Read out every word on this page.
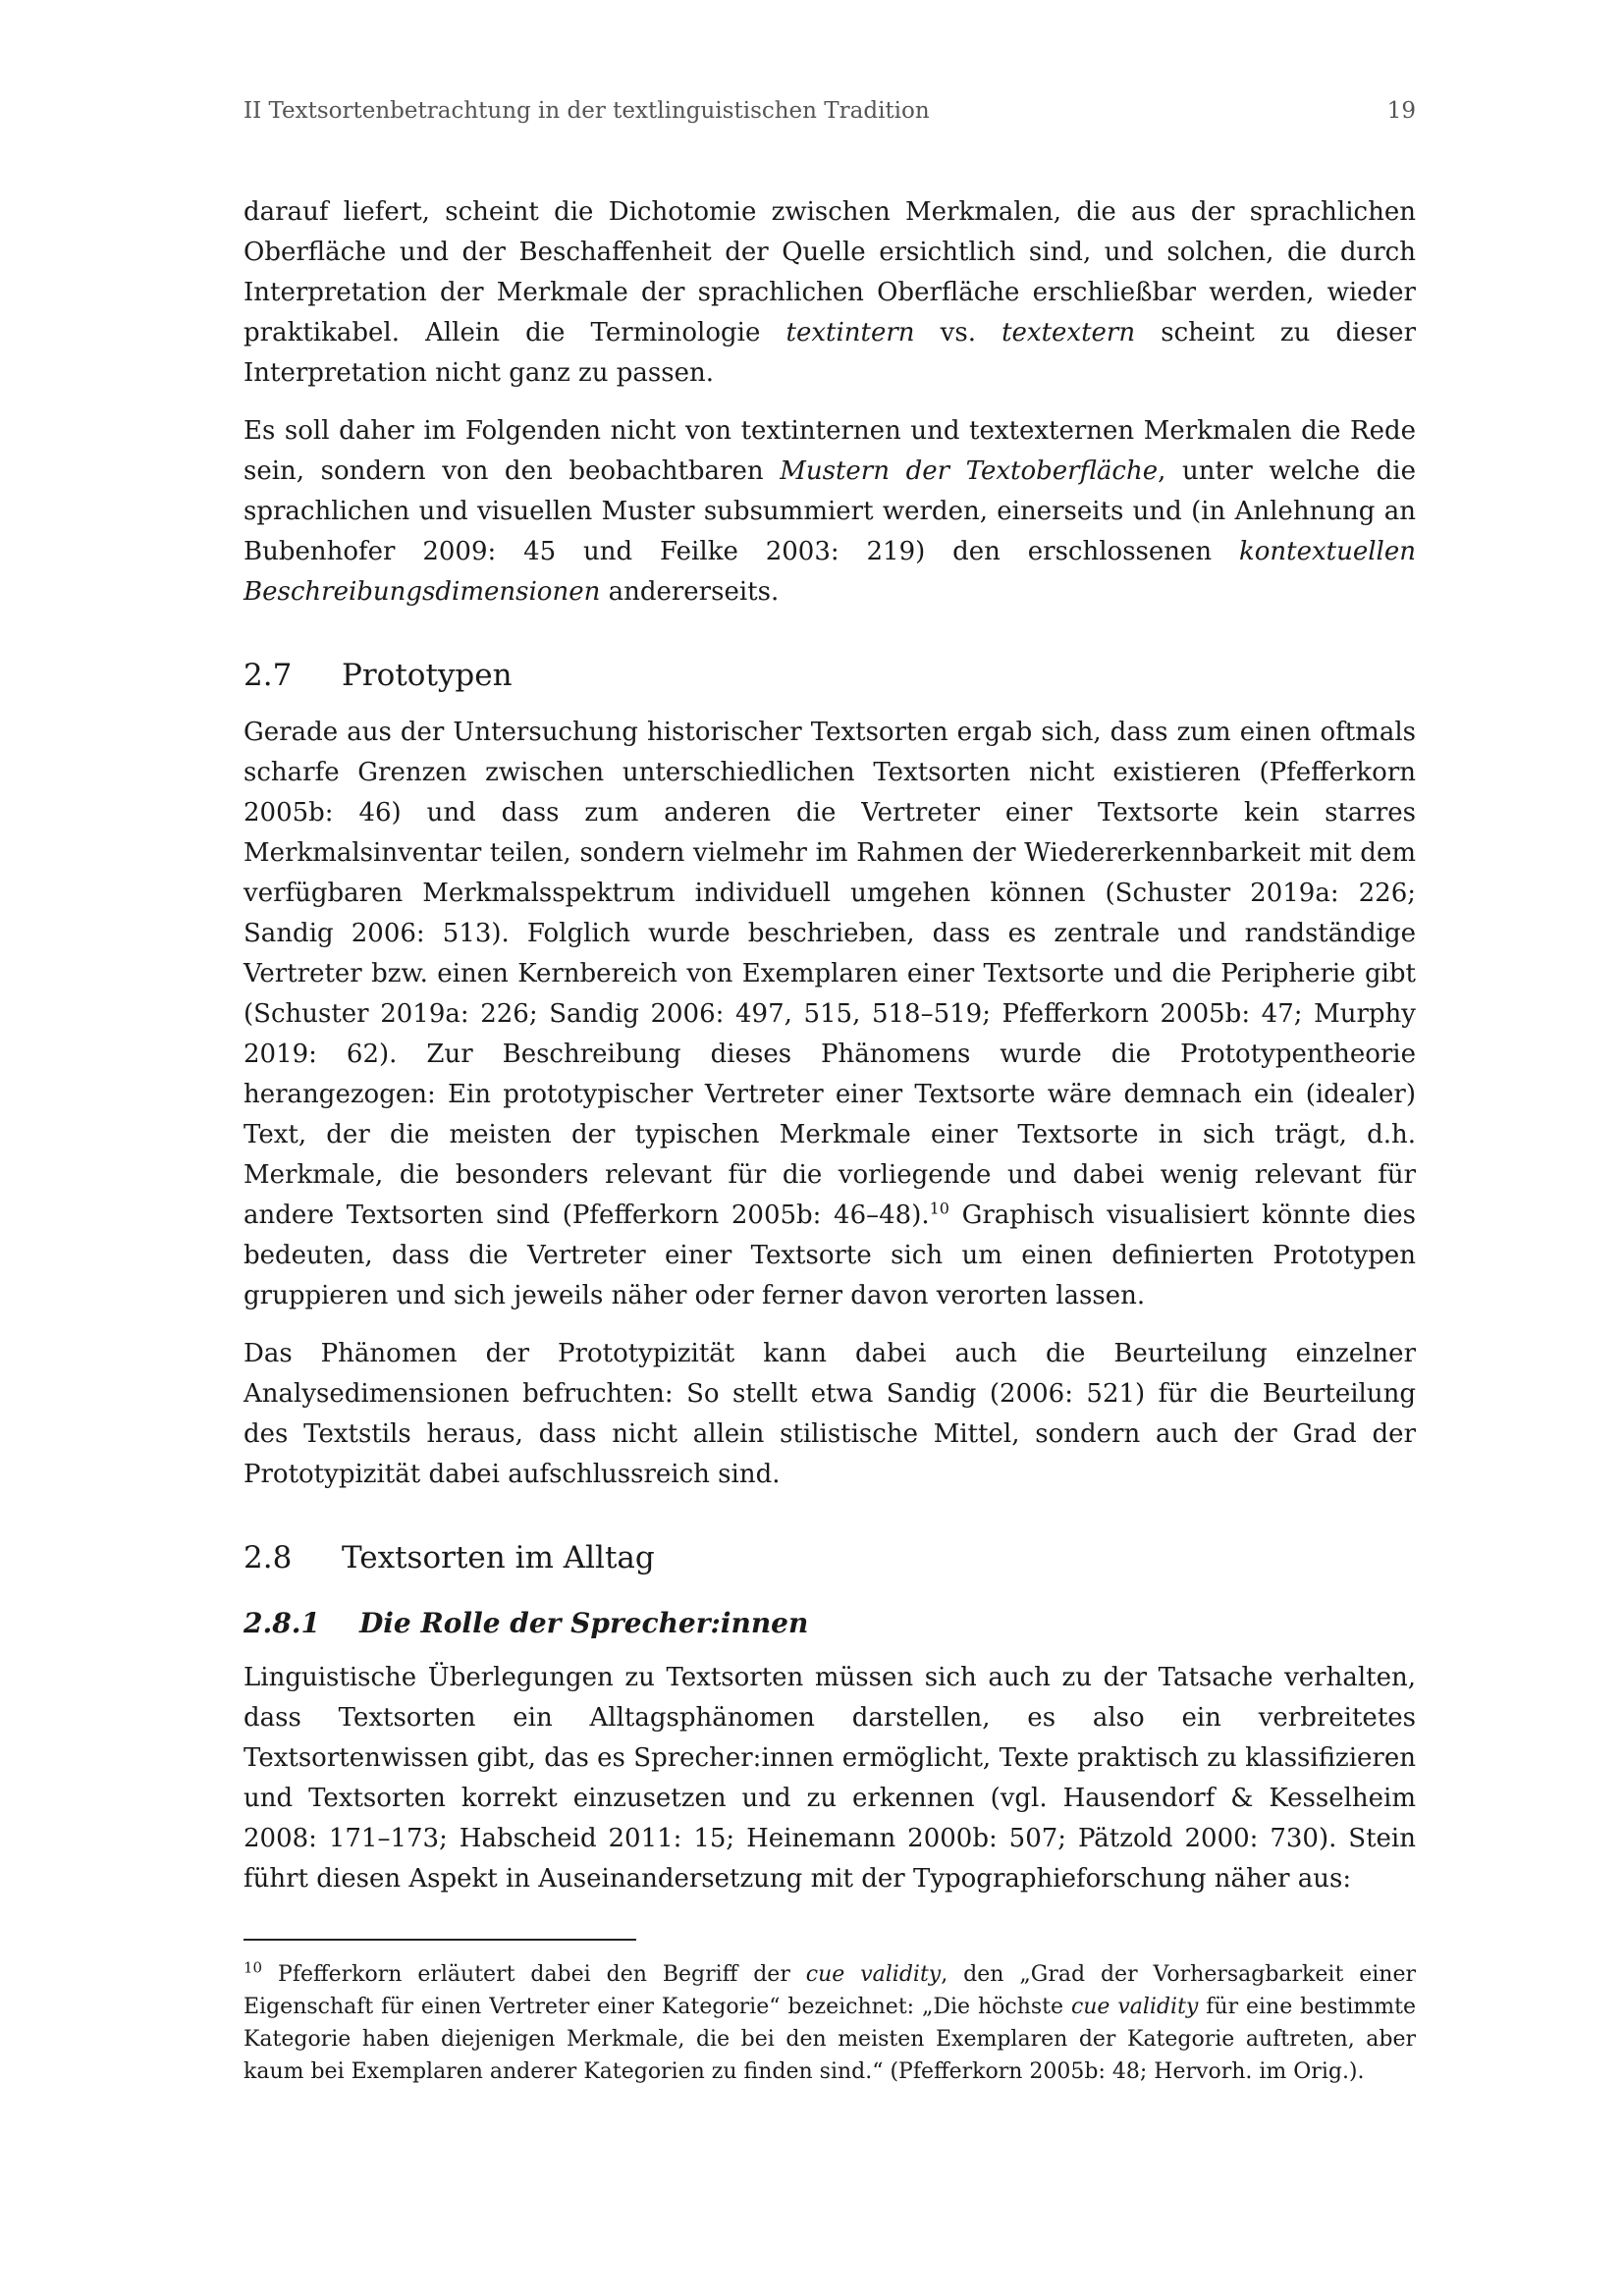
II Textsortenbetrachtung in der textlinguistischen Tradition	19

darauf liefert, scheint die Dichotomie zwischen Merkmalen, die aus der sprachlichen Oberfläche und der Beschaffenheit der Quelle ersichtlich sind, und solchen, die durch Interpretation der Merkmale der sprachlichen Oberfläche erschließbar werden, wieder praktikabel. Allein die Terminologie textintern vs. textextern scheint zu dieser Interpretation nicht ganz zu passen.

Es soll daher im Folgenden nicht von textinternen und textexternen Merkmalen die Rede sein, sondern von den beobachtbaren Mustern der Textoberfläche, unter welche die sprachlichen und visuellen Muster subsummiert werden, einerseits und (in Anlehnung an Bubenhofer 2009: 45 und Feilke 2003: 219) den erschlossenen kontextuellen Beschreibungsdimensionen andererseits.

2.7	Prototypen

Gerade aus der Untersuchung historischer Textsorten ergab sich, dass zum einen oftmals scharfe Grenzen zwischen unterschiedlichen Textsorten nicht existieren (Pfefferkorn 2005b: 46) und dass zum anderen die Vertreter einer Textsorte kein starres Merkmalsinventar teilen, sondern vielmehr im Rahmen der Wiedererkennbarkeit mit dem verfügbaren Merkmalsspektrum individuell umgehen können (Schuster 2019a: 226; Sandig 2006: 513). Folglich wurde beschrieben, dass es zentrale und randständige Vertreter bzw. einen Kernbereich von Exemplaren einer Textsorte und die Peripherie gibt (Schuster 2019a: 226; Sandig 2006: 497, 515, 518–519; Pfefferkorn 2005b: 47; Murphy 2019: 62). Zur Beschreibung dieses Phänomens wurde die Prototypentheorie herangezogen: Ein prototypischer Vertreter einer Textsorte wäre demnach ein (idealer) Text, der die meisten der typischen Merkmale einer Textsorte in sich trägt, d.h. Merkmale, die besonders relevant für die vorliegende und dabei wenig relevant für andere Textsorten sind (Pfefferkorn 2005b: 46–48).$^{10}$ Graphisch visualisiert könnte dies bedeuten, dass die Vertreter einer Textsorte sich um einen definierten Prototypen gruppieren und sich jeweils näher oder ferner davon verorten lassen.

Das Phänomen der Prototypizität kann dabei auch die Beurteilung einzelner Analysedimensionen befruchten: So stellt etwa Sandig (2006: 521) für die Beurteilung des Textstils heraus, dass nicht allein stilistische Mittel, sondern auch der Grad der Prototypizität dabei aufschlussreich sind.

2.8	Textsorten im Alltag
2.8.1	Die Rolle der Sprecher:innen

Linguistische Überlegungen zu Textsorten müssen sich auch zu der Tatsache verhalten, dass Textsorten ein Alltagsphänomen darstellen, es also ein verbreitetes Textsortenwissen gibt, das es Sprecher:innen ermöglicht, Texte praktisch zu klassifizieren und Textsorten korrekt einzusetzen und zu erkennen (vgl. Hausendorf & Kesselheim 2008: 171–173; Habscheid 2011: 15; Heinemann 2000b: 507; Pätzold 2000: 730). Stein führt diesen Aspekt in Auseinandersetzung mit der Typographieforschung näher aus:

$^{10}$ Pfefferkorn erläutert dabei den Begriff der cue validity, den „Grad der Vorhersagbarkeit einer Eigenschaft für einen Vertreter einer Kategorie“ bezeichnet: „Die höchste cue validity für eine bestimmte Kategorie haben diejenigen Merkmale, die bei den meisten Exemplaren der Kategorie auftreten, aber kaum bei Exemplaren anderer Kategorien zu finden sind.“ (Pfefferkorn 2005b: 48; Hervorh. im Orig.).
